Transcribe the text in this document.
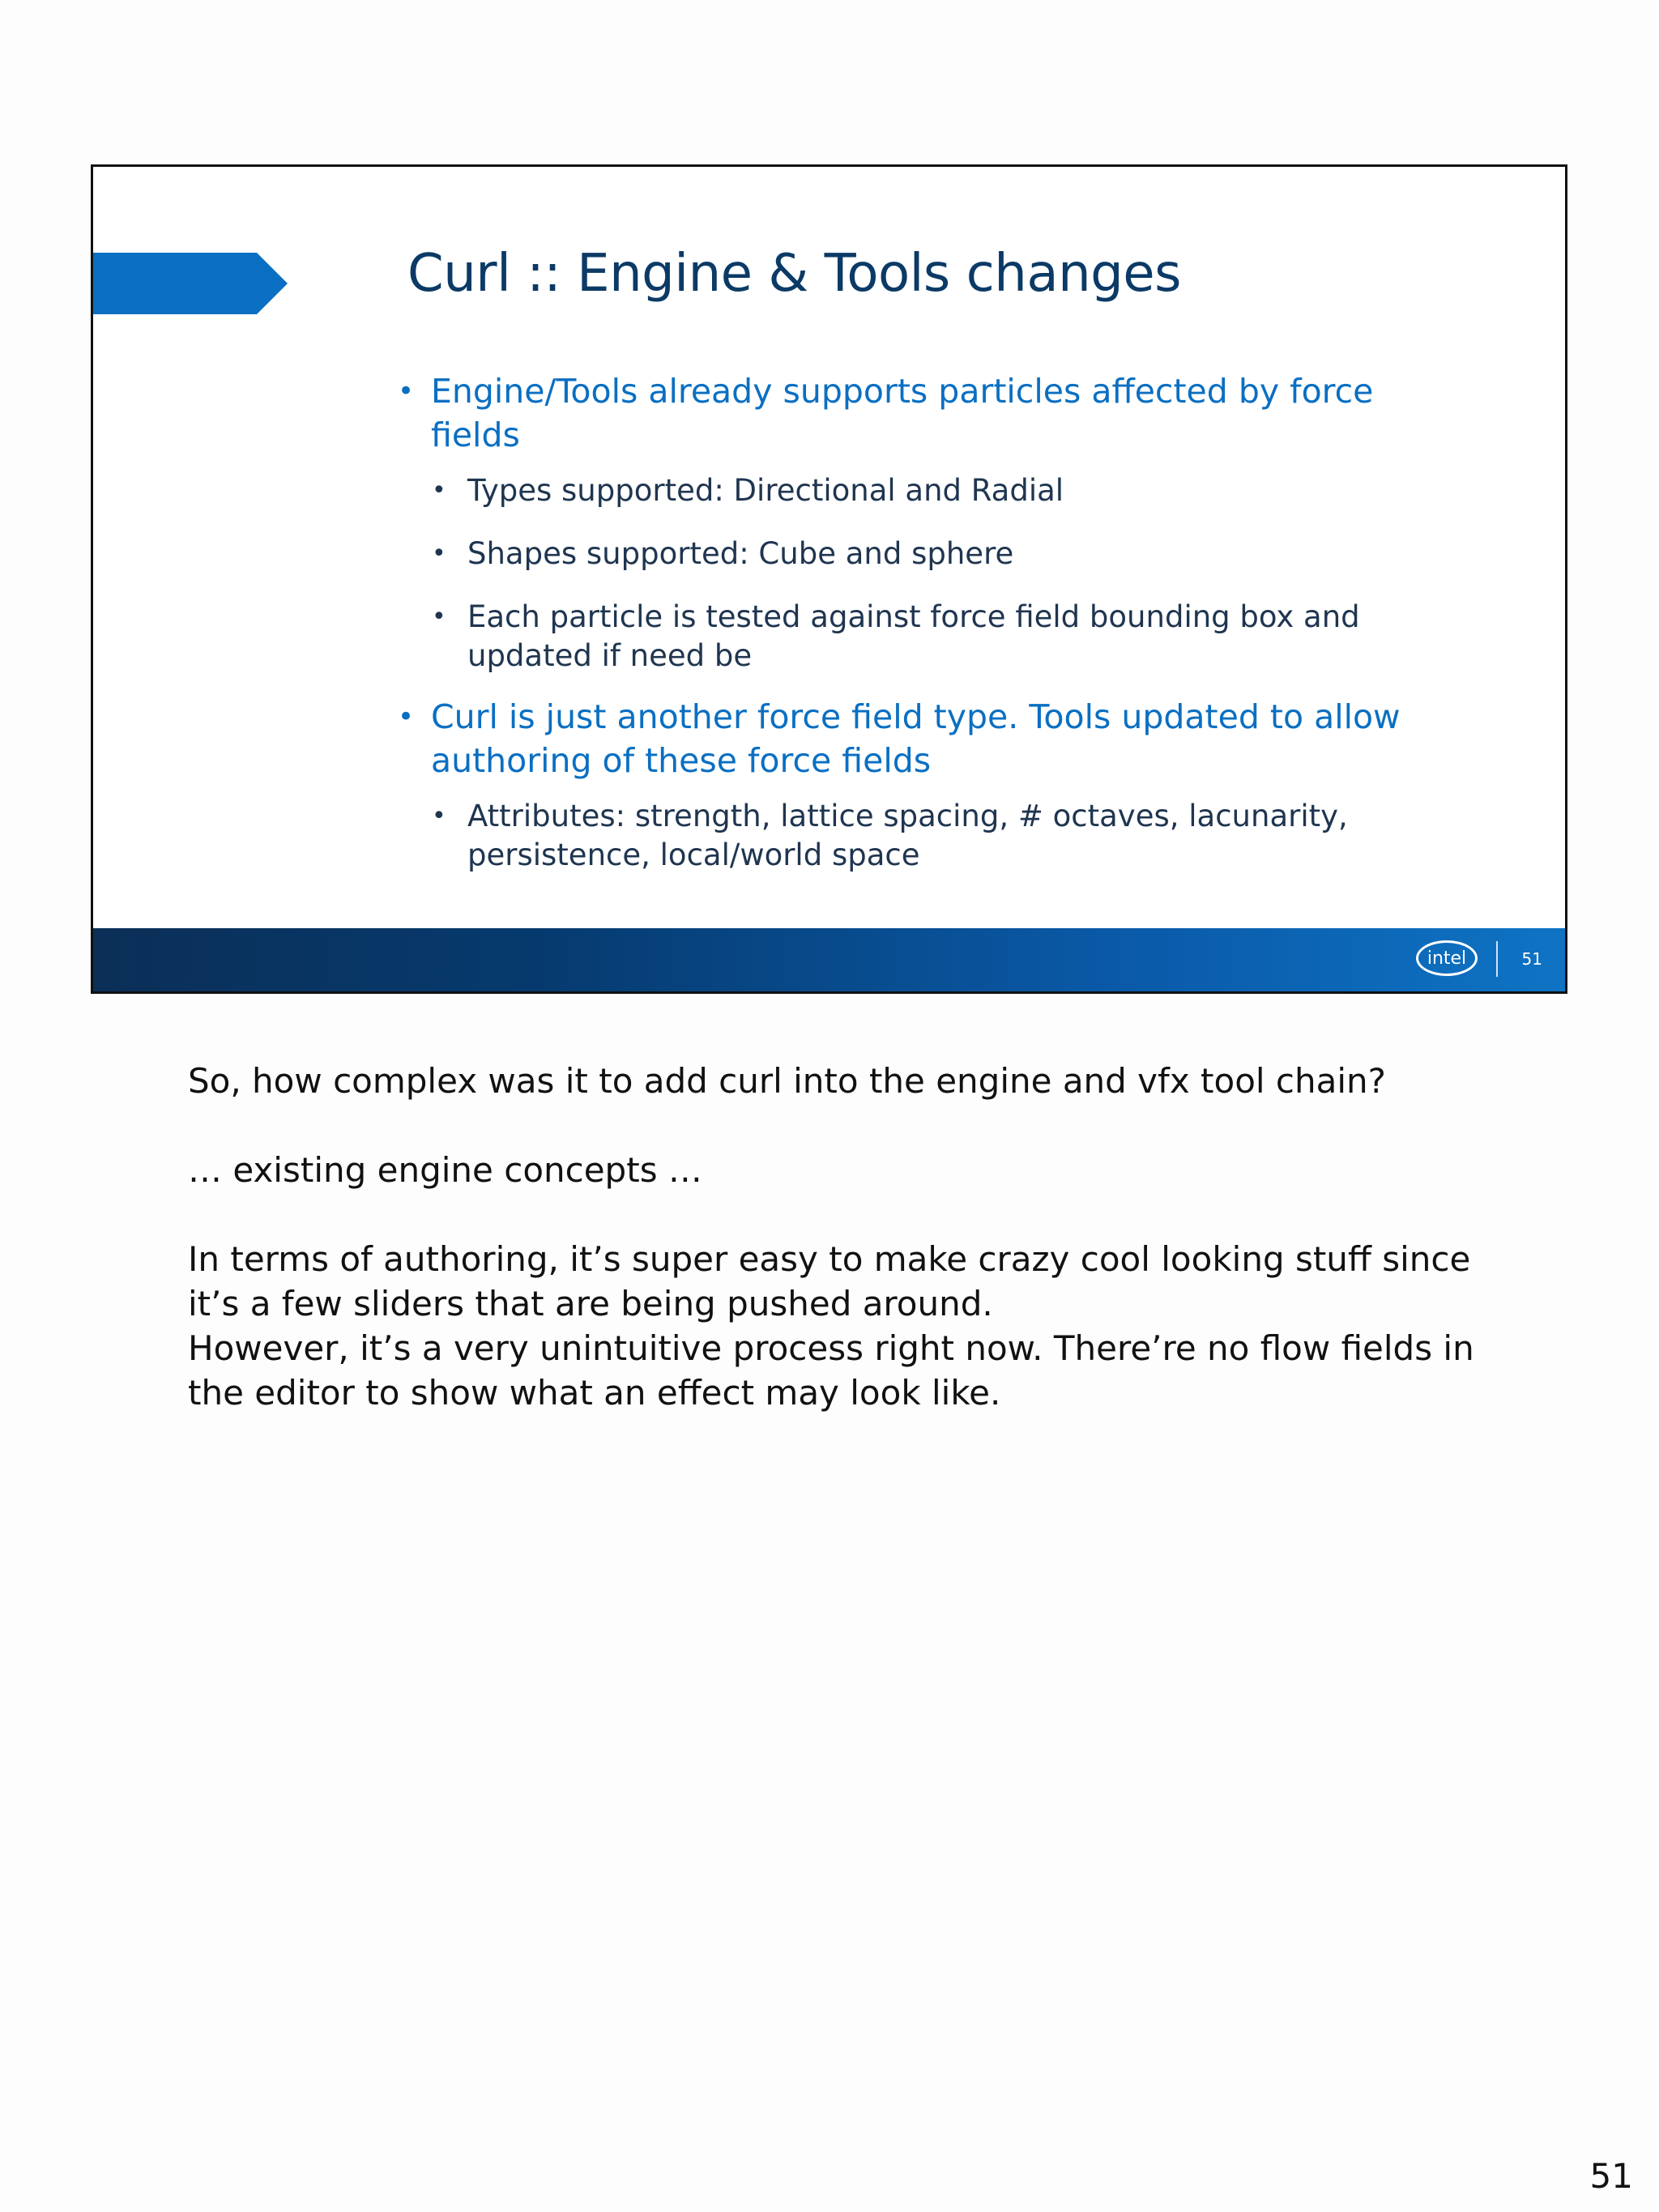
Curl :: Engine & Tools changes
• Engine/Tools already supports particles affected by force
fields
• Types supported: Directional and Radial
• Shapes supported: Cube and sphere
• Each particle is tested against force field bounding box and
updated if need be
• Curl is just another force field type. Tools updated to allow
authoring of these force fields
• Attributes: strength, lattice spacing, # octaves, lacunarity,
persistence, local/world space
intel	51

So, how complex was it to add curl into the engine and vfx tool chain?

… existing engine concepts …

In terms of authoring, it’s super easy to make crazy cool looking stuff since

it’s a few sliders that are being pushed around.

However, it’s a very unintuitive process right now. There’re no flow fields in

the editor to show what an effect may look like.

51
